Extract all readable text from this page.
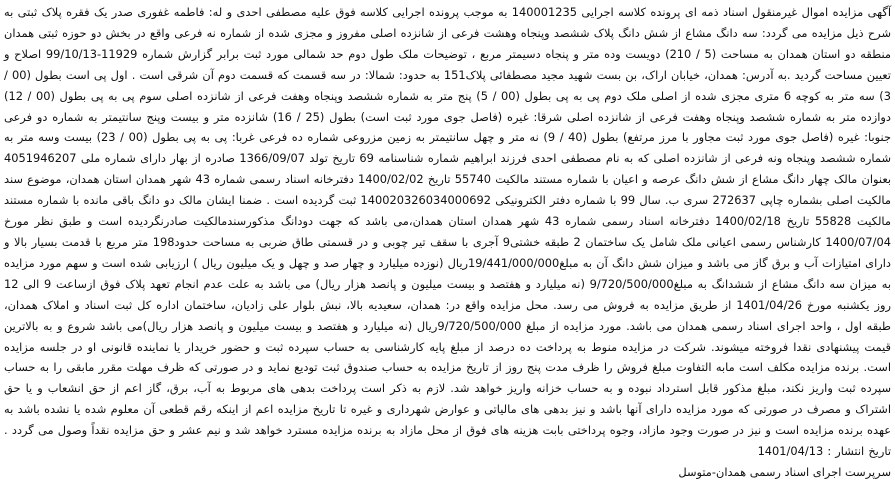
آگهی مزایده اموال غیرمنقول اسناد ذمه ای پرونده کلاسه اجرایی 140001235 به موجب پرونده اجرایی کلاسه فوق علیه مصطفی احدی و له: فاطمه غفوری صدر یک فقره پلاک ثبتی به شرح ذیل مزایده می گردد: سه دانگ مشاع از شش دانگ پلاک ششصد وپنجاه وهشت فرعی از شانزده اصلی مفروز و مجزی شده از شماره نه فرعی واقع در بخش دو حوزه ثبتی همدان منطقه دو استان همدان به مساحت (5 / 210) دویست وده متر و پنجاه دسیمتر مربع ، توضیحات ملک طول دوم حد شمالی مورد ثبت برابر گزارش شماره 11929-99/10/13 اصلاح و تعیین مساحت گردید .به آدرس: همدان، خیابان اراک، بن بست شهید مجید مصطفائی پلاک151 به حدود: شمالا: در سه قسمت که قسمت دوم آن شرقی است . اول پی است بطول (00 / 3) سه متر به کوچه 6 متری مجزی شده از اصلی ملک دوم پی به پی بطول (00 / 5) پنج متر به شماره ششصد وپنجاه وهفت فرعی از شانزده اصلی سوم پی به پی بطول (00 / 12) دوازده متر به شماره ششصد وپنجاه وهفت فرعی از شانزده اصلی شرقا: غیره (فاصل جوی مورد ثبت است) بطول (25 / 16) شانزده متر و بیست وپنج سانتیمتر به شماره دو فرعی جنوبا: غیره (فاصل جوی مورد ثبت مجاور با مرز مرتفع) بطول (40 / 9) نه متر و چهل سانتیمتر به زمین مزروعی شماره ده فرعی غربا: پی به پی بطول (00 / 23) بیست وسه متر به شماره ششصد وپنجاه ونه فرعی از شانزده اصلی که به نام مصطفی احدی فرزند ابراهیم شماره شناسنامه 69 تاریخ تولد 1366/09/07 صادره از بهار دارای شماره ملی 4051946207 بعنوان مالک چهار دانگ مشاع از شش دانگ عرصه و اعیان با شماره مستند مالکیت 55740 تاریخ 1400/02/02 دفترخانه اسناد رسمی شماره 43 شهر همدان استان همدان، موضوع سند مالکیت اصلی بشماره چاپی 272637 سری ب. سال 99 با شماره دفتر الکترونیکی 140020326034000692 ثبت گردیده است . ضمنا ایشان مالک دو دانگ باقی مانده با شماره مستند مالکیت 55828 تاریخ 1400/02/18 دفترخانه اسناد رسمی شماره 43 شهر همدان استان همدان،می باشد که جهت دودانگ مذکورسندمالکیت صادرنگردیده است و طبق نظر مورخ 1400/07/04 کارشناس رسمی اعیانی ملک شامل یک ساختمان 2 طبقه خشتی9 آجری با سقف تیر چوبی و در قسمتی طاق ضربی به مساحت حدود198 متر مربع با قدمت بسیار بالا و دارای امتیازات آب و برق گاز می باشد و میزان شش دانگ آن به مبلغ19/441/000/000ریال (نوزده میلیارد و چهار صد و چهل و یک میلیون ریال ) ارزیابی شده است و سهم مورد مزایده به میزان سه دانگ مشاع از ششدانگ به مبلغ9/720/500/000 (نه میلیارد و هفتصد و بیست میلیون و پانصد هزار ریال) می باشد به علت عدم انجام تعهد پلاک فوق ازساعت 9 الی 12 روز یکشنبه مورخ 1401/04/26 از طریق مزایده به فروش می رسد. محل مزایده واقع در: همدان، سعیدیه بالا، نبش بلوار علی زادیان، ساختمان اداره کل ثبت اسناد و املاک همدان، طبقه اول ، واحد اجرای اسناد رسمی همدان می باشد. مورد مزایده از مبلغ 9/720/500/000ریال (نه میلیارد و هفتصد و بیست میلیون و پانصد هزار ریال)می باشد شروع و به بالاترین قیمت پیشنهادی نقدا فروخته میشوند. شرکت در مزایده منوط به پرداخت ده درصد از مبلغ پایه کارشناسی به حساب سپرده ثبت و حضور خریدار یا نماینده قانونی او در جلسه مزایده است. برنده مزایده مکلف است مابه التفاوت مبلغ فروش را ظرف مدت پنج روز از تاریخ مزایده به حساب صندوق ثبت تودیع نماید و در صورتی که ظرف مهلت مقرر مابقی را به حساب سپرده ثبت واریز نکند، مبلغ مذکور قابل استرداد نبوده و به حساب خزانه واریز خواهد شد. لازم به ذکر است پرداخت بدهی های مربوط به آب، برق، گاز اعم از حق انشعاب و یا حق اشتراک و مصرف در صورتی که مورد مزایده دارای آنها باشد و نیز بدهی های مالیاتی و عوارض شهرداری و غیره تا تاریخ مزایده اعم از اینکه رقم قطعی آن معلوم شده یا نشده باشد به عهده برنده مزایده است و نیز در صورت وجود مازاد، وجوه پرداختی بابت هزینه های فوق از محل مازاد به برنده مزایده مسترد خواهد شد و نیم عشر و حق مزایده نقداً وصول می گردد . تاریخ انتشار : 1401/04/13

سرپرست اجرای اسناد رسمی همدان-متوسل
